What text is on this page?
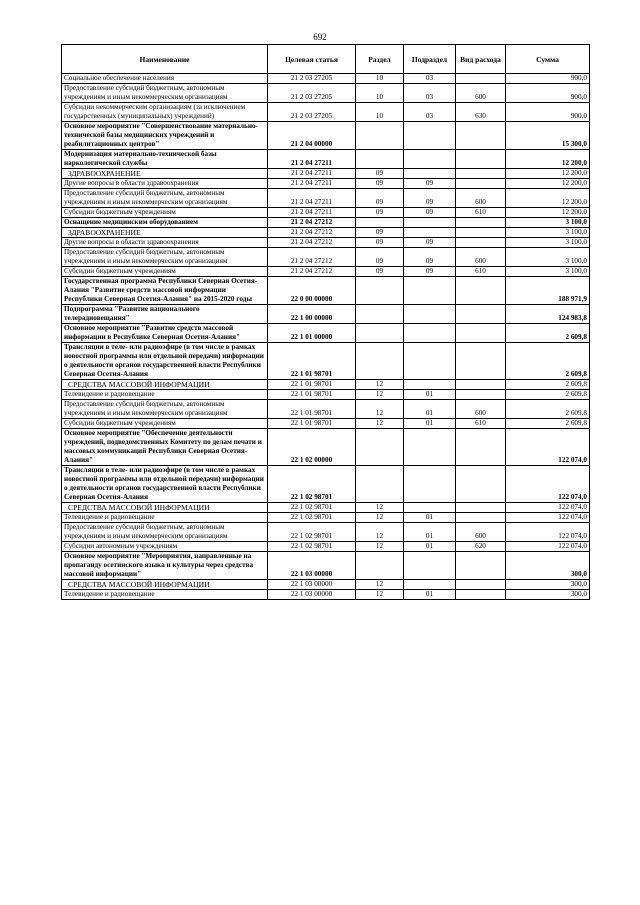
692
Наименование	Целевая статья	Раздел	Подраздел	Вид расхода	Сумма
Социальное обеспечение населения	21 2 03 27205	10	03		900,0
Предоставление субсидий бюджетным, автономным учреждениям и иным некоммерческим организациям	21 2 03 27205	10	03	600	900,0
Субсидии некоммерческим организациям (за исключением государственных (муниципальных) учреждений)	21 2 03 27205	10	03	630	900,0
Основное мероприятие "Совершенствование материально-технической базы медицинских учреждений и реабилитационных центров"	21 2 04 00000				15 300,0
Модернизация материально-технической базы наркологической службы	21 2 04 27211				12 200,0
ЗДРАВООХРАНЕНИЕ	21 2 04 27211	09			12 200,0
Другие вопросы в области здравоохранения	21 2 04 27211	09	09		12 200,0
Предоставление субсидий бюджетным, автономным учреждениям и иным некоммерческим организациям	21 2 04 27211	09	09	600	12 200,0
Субсидии бюджетным учреждениям	21 2 04 27211	09	09	610	12 200,0
Оснащение медицинским оборудованием	21 2 04 27212				3 100,0
ЗДРАВООХРАНЕНИЕ	21 2 04 27212	09			3 100,0
Другие вопросы в области здравоохранения	21 2 04 27212	09	09		3 100,0
Предоставление субсидий бюджетным, автономным учреждениям и иным некоммерческим организациям	21 2 04 27212	09	09	600	3 100,0
Субсидии бюджетным учреждениям	21 2 04 27212	09	09	610	3 100,0
Государственная программа Республики Северная Осетия-Алания "Развитие средств массовой информации Республики Северная Осетия-Алания" на 2015-2020 годы	22 0 00 00000				188 971,9
Подпрограмма "Развитие национального телерадиовещания"	22 1 00 00000				124 983,8
Основное мероприятие "Развитие средств массовой информации в Республике Северная Осетия-Алания"	22 1 01 00000				2 609,8
Трансляции в теле- или радиоэфире (в том числе в рамках новостной программы или отдельной передачи) информации о деятельности органов государственной власти Республики Северная Осетия-Алания	22 1 01 98701				2 609,8
СРЕДСТВА МАССОВОЙ ИНФОРМАЦИИ	22 1 01 98701	12			2 609,8
Телевидение и радиовещание	22 1 01 98701	12	01		2 609,8
Предоставление субсидий бюджетным, автономным учреждениям и иным некоммерческим организациям	22 1 01 98701	12	01	600	2 609,8
Субсидии бюджетным учреждениям	22 1 01 98701	12	01	610	2 609,8
Основное мероприятие "Обеспечение деятельности учреждений, подведомственных Комитету по делам печати и массовых коммуникаций Республики Северная Осетия-Алания"	22 1 02 00000				122 074,0
Трансляции в теле- или радиоэфире (в том числе в рамках новостной программы или отдельной передачи) информации о деятельности органов государственной власти Республики Северная Осетия-Алания	22 1 02 98701				122 074,0
СРЕДСТВА МАССОВОЙ ИНФОРМАЦИИ	22 1 02 98701	12			122 074,0
Телевидение и радиовещание	22 1 02 98701	12	01		122 074,0
Предоставление субсидий бюджетным, автономным учреждениям и иным некоммерческим организациям	22 1 02 98701	12	01	600	122 074,0
Субсидии автономным учреждениям	22 1 02 98701	12	01	620	122 074,0
Основное мероприятие "Мероприятия, направленные на пропаганду осетинского языка и культуры через средства массовой информации"	22 1 03 00000				300,0
СРЕДСТВА МАССОВОЙ ИНФОРМАЦИИ	22 1 03 00000	12			300,0
Телевидение и радиовещание	22 1 03 00000	12	01		300,0
